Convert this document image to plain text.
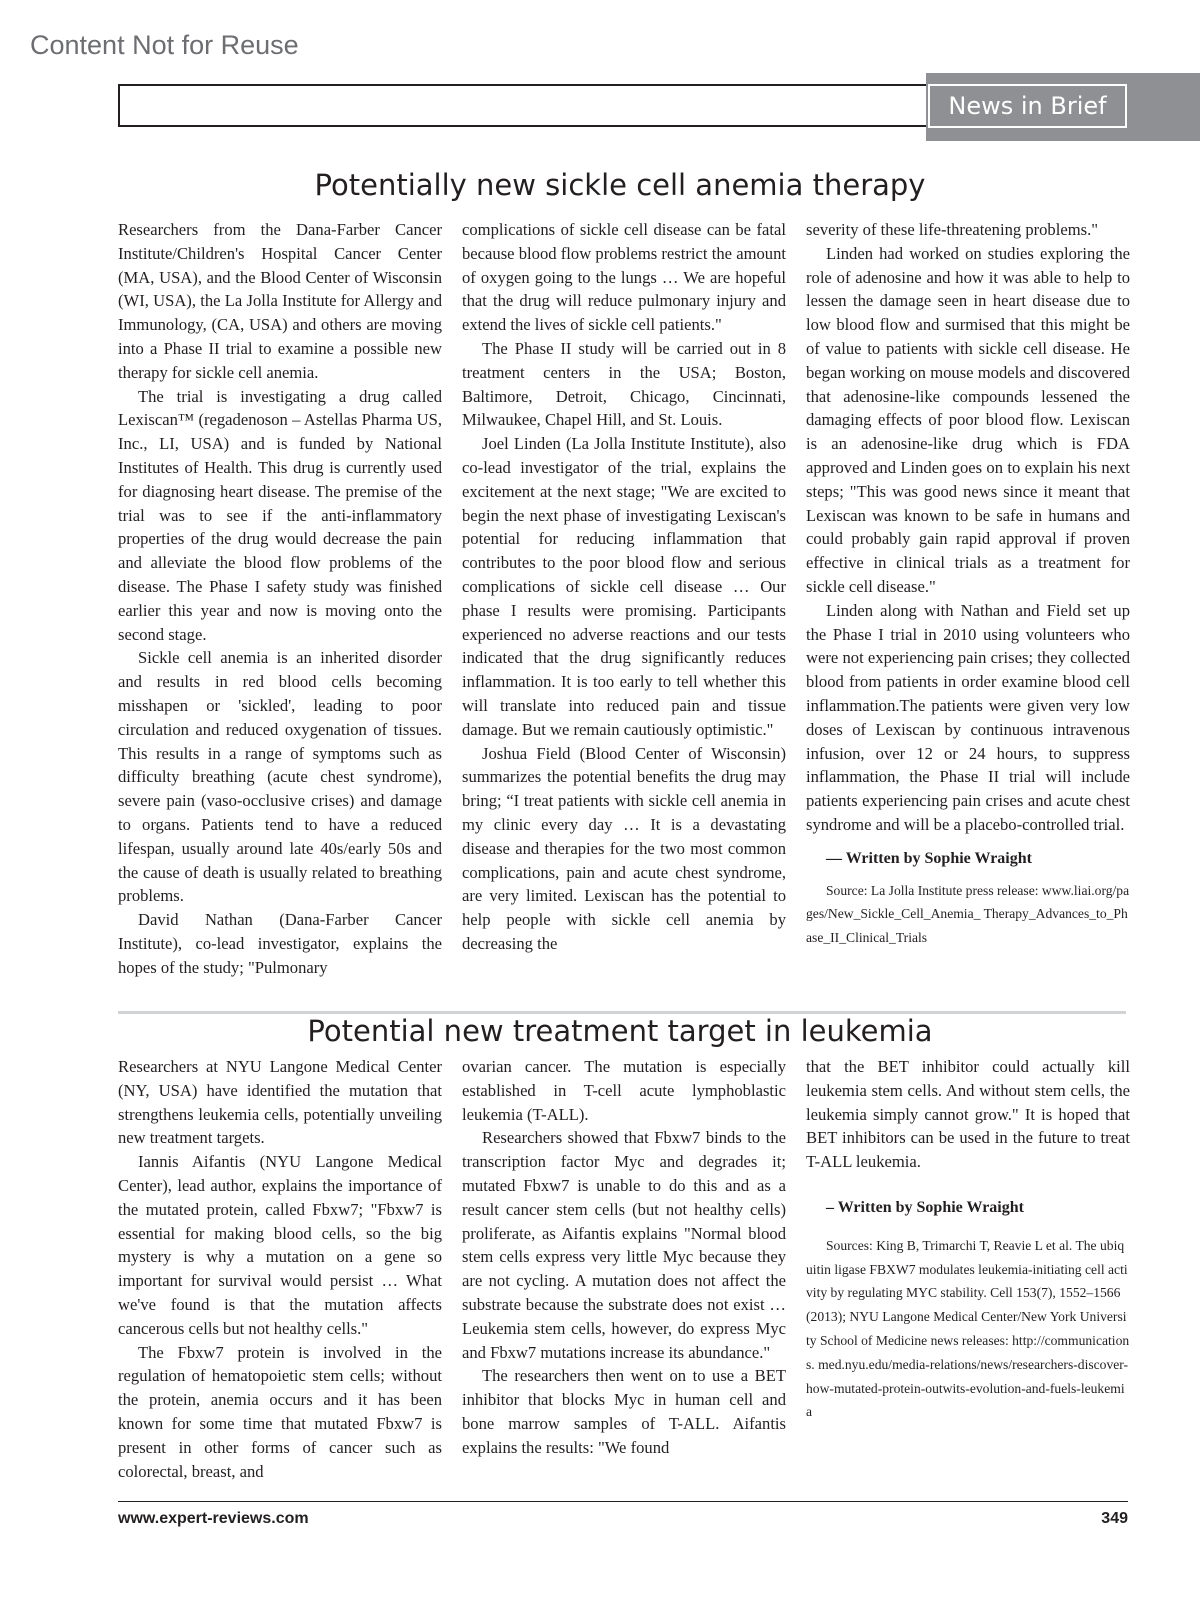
Content Not for Reuse
News in Brief
Potentially new sickle cell anemia therapy

Researchers from the Dana-Farber Cancer Institute/Children's Hospital Cancer Center (MA, USA), and the Blood Center of Wisconsin (WI, USA), the La Jolla Institute for Allergy and Immunology, (CA, USA) and others are moving into a Phase II trial to examine a possible new therapy for sickle cell anemia.

The trial is investigating a drug called Lexiscan™ (regadenoson – Astellas Pharma US, Inc., LI, USA) and is funded by National Institutes of Health. This drug is currently used for diagnosing heart disease. The premise of the trial was to see if the anti-inflammatory properties of the drug would decrease the pain and alleviate the blood flow problems of the disease. The Phase I safety study was finished earlier this year and now is moving onto the second stage.

Sickle cell anemia is an inherited disorder and results in red blood cells becoming misshapen or 'sickled', leading to poor circulation and reduced oxygenation of tissues. This results in a range of symptoms such as difficulty breathing (acute chest syndrome), severe pain (vaso-occlusive crises) and damage to organs. Patients tend to have a reduced lifespan, usually around late 40s/early 50s and the cause of death is usually related to breathing problems.

David Nathan (Dana-Farber Cancer Institute), co-lead investigator, explains the hopes of the study; "Pulmonary

complications of sickle cell disease can be fatal because blood flow problems restrict the amount of oxygen going to the lungs … We are hopeful that the drug will reduce pulmonary injury and extend the lives of sickle cell patients."

The Phase II study will be carried out in 8 treatment centers in the USA; Boston, Baltimore, Detroit, Chicago, Cincinnati, Milwaukee, Chapel Hill, and St. Louis.

Joel Linden (La Jolla Institute Institute), also co-lead investigator of the trial, explains the excitement at the next stage; "We are excited to begin the next phase of investigating Lexiscan's potential for reducing inflammation that contributes to the poor blood flow and serious complications of sickle cell disease … Our phase I results were promising. Participants experienced no adverse reactions and our tests indicated that the drug significantly reduces inflammation. It is too early to tell whether this will translate into reduced pain and tissue damage. But we remain cautiously optimistic."

Joshua Field (Blood Center of Wisconsin) summarizes the potential benefits the drug may bring; “I treat patients with sickle cell anemia in my clinic every day … It is a devastating disease and therapies for the two most common complications, pain and acute chest syndrome, are very limited. Lexiscan has the potential to help people with sickle cell anemia by decreasing the

severity of these life-threatening problems."

Linden had worked on studies exploring the role of adenosine and how it was able to help to lessen the damage seen in heart disease due to low blood flow and surmised that this might be of value to patients with sickle cell disease. He began working on mouse models and discovered that adenosine-like compounds lessened the damaging effects of poor blood flow. Lexiscan is an adenosine-like drug which is FDA approved and Linden goes on to explain his next steps; "This was good news since it meant that Lexiscan was known to be safe in humans and could probably gain rapid approval if proven effective in clinical trials as a treatment for sickle cell disease."

Linden along with Nathan and Field set up the Phase I trial in 2010 using volunteers who were not experiencing pain crises; they collected blood from patients in order examine blood cell inflammation.The patients were given very low doses of Lexiscan by continuous intravenous infusion, over 12 or 24 hours, to suppress inflammation, the Phase II trial will include patients experiencing pain crises and acute chest syndrome and will be a placebo-controlled trial.

— Written by Sophie Wraight

Source: La Jolla Institute press release: www.liai.org/pages/New_Sickle_Cell_Anemia_ Therapy_Advances_to_Phase_II_Clinical_Trials

Potential new treatment target in leukemia

Researchers at NYU Langone Medical Center (NY, USA) have identified the mutation that strengthens leukemia cells, potentially unveiling new treatment targets.

Iannis Aifantis (NYU Langone Medical Center), lead author, explains the importance of the mutated protein, called Fbxw7; "Fbxw7 is essential for making blood cells, so the big mystery is why a mutation on a gene so important for survival would persist … What we've found is that the mutation affects cancerous cells but not healthy cells."

The Fbxw7 protein is involved in the regulation of hematopoietic stem cells; without the protein, anemia occurs and it has been known for some time that mutated Fbxw7 is present in other forms of cancer such as colorectal, breast, and

ovarian cancer. The mutation is especially established in T-cell acute lymphoblastic leukemia (T-ALL).

Researchers showed that Fbxw7 binds to the transcription factor Myc and degrades it; mutated Fbxw7 is unable to do this and as a result cancer stem cells (but not healthy cells) proliferate, as Aifantis explains "Normal blood stem cells express very little Myc because they are not cycling. A mutation does not affect the substrate because the substrate does not exist …Leukemia stem cells, however, do express Myc and Fbxw7 mutations increase its abundance."

The researchers then went on to use a BET inhibitor that blocks Myc in human cell and bone marrow samples of T-ALL. Aifantis explains the results: "We found

that the BET inhibitor could actually kill leukemia stem cells. And without stem cells, the leukemia simply cannot grow." It is hoped that BET inhibitors can be used in the future to treat T-ALL leukemia.

– Written by Sophie Wraight

Sources: King B, Trimarchi T, Reavie L et al. The ubiquitin ligase FBXW7 modulates leukemia-initiating cell activity by regulating MYC stability. Cell 153(7), 1552–1566 (2013); NYU Langone Medical Center/New York University School of Medicine news releases: http://communications. med.nyu.edu/media-relations/news/researchers-discover-how-mutated-protein-outwits-evolution-and-fuels-leukemia

www.expert-reviews.com	349
